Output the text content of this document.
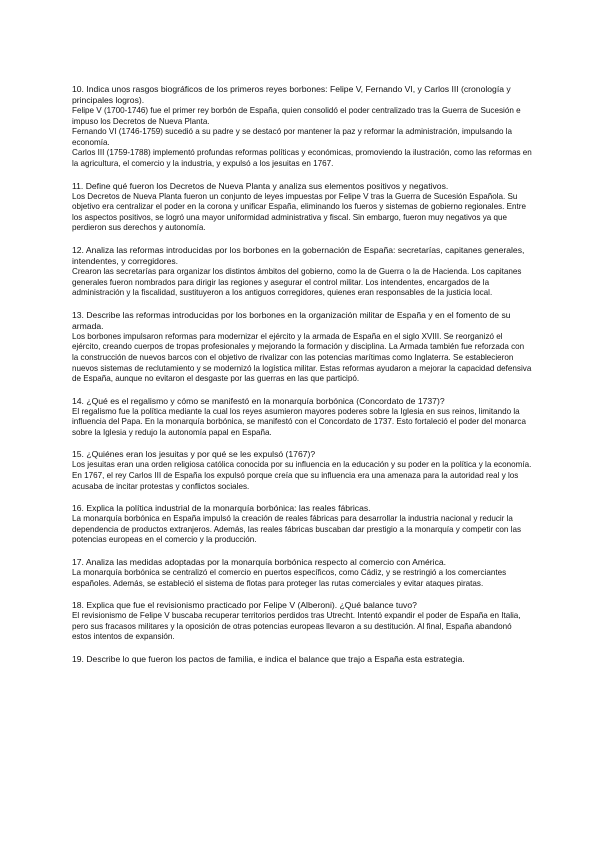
10. Indica unos rasgos biográficos de los primeros reyes borbones: Felipe V, Fernando VI, y Carlos III (cronología y principales logros).

Felipe V (1700-1746) fue el primer rey borbón de España, quien consolidó el poder centralizado tras la Guerra de Sucesión e impuso los Decretos de Nueva Planta.

Fernando VI (1746-1759) sucedió a su padre y se destacó por mantener la paz y reformar la administración, impulsando la economía.

Carlos III (1759-1788) implementó profundas reformas políticas y económicas, promoviendo la ilustración, como las reformas en la agricultura, el comercio y la industria, y expulsó a los jesuitas en 1767.

11. Define qué fueron los Decretos de Nueva Planta y analiza sus elementos positivos y negativos.

Los Decretos de Nueva Planta fueron un conjunto de leyes impuestas por Felipe V tras la Guerra de Sucesión Española. Su objetivo era centralizar el poder en la corona y unificar España, eliminando los fueros y sistemas de gobierno regionales. Entre los aspectos positivos, se logró una mayor uniformidad administrativa y fiscal. Sin embargo, fueron muy negativos ya que perdieron sus derechos y autonomía.

12. Analiza las reformas introducidas por los borbones en la gobernación de España: secretarías, capitanes generales, intendentes, y corregidores.

Crearon las secretarías para organizar los distintos ámbitos del gobierno, como la de Guerra o la de Hacienda. Los capitanes generales fueron nombrados para dirigir las regiones y asegurar el control militar. Los intendentes, encargados de la administración y la fiscalidad, sustituyeron a los antiguos corregidores, quienes eran responsables de la justicia local.

13. Describe las reformas introducidas por los borbones en la organización militar de España y en el fomento de su armada.

Los borbones impulsaron reformas para modernizar el ejército y la armada de España en el siglo XVIII. Se reorganizó el ejército, creando cuerpos de tropas profesionales y mejorando la formación y disciplina. La Armada también fue reforzada con la construcción de nuevos barcos con el objetivo de rivalizar con las potencias marítimas como Inglaterra. Se establecieron nuevos sistemas de reclutamiento y se modernizó la logística militar. Estas reformas ayudaron a mejorar la capacidad defensiva de España, aunque no evitaron el desgaste por las guerras en las que participó.

14. ¿Qué es el regalismo y cómo se manifestó en la monarquía borbónica (Concordato de 1737)?

El regalismo fue la política mediante la cual los reyes asumieron mayores poderes sobre la Iglesia en sus reinos, limitando la influencia del Papa. En la monarquía borbónica, se manifestó con el Concordato de 1737. Esto fortaleció el poder del monarca sobre la Iglesia y redujo la autonomía papal en España.

15. ¿Quiénes eran los jesuitas y por qué se les expulsó (1767)?

Los jesuitas eran una orden religiosa católica conocida por su influencia en la educación y su poder en la política y la economía. En 1767, el rey Carlos III de España los expulsó porque creía que su influencia era una amenaza para la autoridad real y los acusaba de incitar protestas y conflictos sociales.

16. Explica la política industrial de la monarquía borbónica: las reales fábricas.

La monarquía borbónica en España impulsó la creación de reales fábricas para desarrollar la industria nacional y reducir la dependencia de productos extranjeros. Además, las reales fábricas buscaban dar prestigio a la monarquía y competir con las potencias europeas en el comercio y la producción.

17. Analiza las medidas adoptadas por la monarquía borbónica respecto al comercio con América.

La monarquía borbónica se centralizó el comercio en puertos específicos, como Cádiz, y se restringió a los comerciantes españoles. Además, se estableció el sistema de flotas para proteger las rutas comerciales y evitar ataques piratas.

18. Explica que fue el revisionismo practicado por Felipe V (Alberoni). ¿Qué balance tuvo?

El revisionismo de Felipe V buscaba recuperar territorios perdidos tras Utrecht. Intentó expandir el poder de España en Italia, pero sus fracasos militares y la oposición de otras potencias europeas llevaron a su destitución. Al final, España abandonó estos intentos de expansión.

19. Describe lo que fueron los pactos de familia, e indica el balance que trajo a España esta estrategia.
